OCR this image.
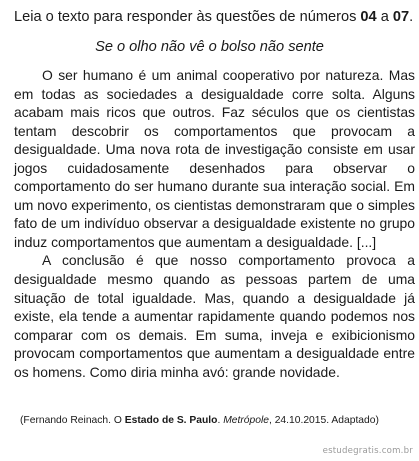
Leia o texto para responder às questões de números 04 a 07.
Se o olho não vê o bolso não sente

O ser humano é um animal cooperativo por natureza. Mas em todas as sociedades a desigualdade corre solta. Alguns acabam mais ricos que outros. Faz séculos que os cientistas tentam descobrir os comportamentos que provocam a desigualdade. Uma nova rota de investigação consiste em usar jogos cuidadosamente desenhados para observar o comportamento do ser humano durante sua interação social. Em um novo experimento, os cientistas demonstraram que o simples fato de um indivíduo observar a desigualdade existente no grupo induz comportamentos que aumentam a desigualdade. [...]

A conclusão é que nosso comportamento provoca a desigualdade mesmo quando as pessoas partem de uma situação de total igualdade. Mas, quando a desigualdade já existe, ela tende a aumentar rapidamente quando podemos nos comparar com os demais. Em suma, inveja e exibicionismo provocam comportamentos que aumentam a desigualdade entre os homens. Como diria minha avó: grande novidade.

(Fernando Reinach. O Estado de S. Paulo. Metrópole, 24.10.2015. Adaptado)
estudegratis.com.br
